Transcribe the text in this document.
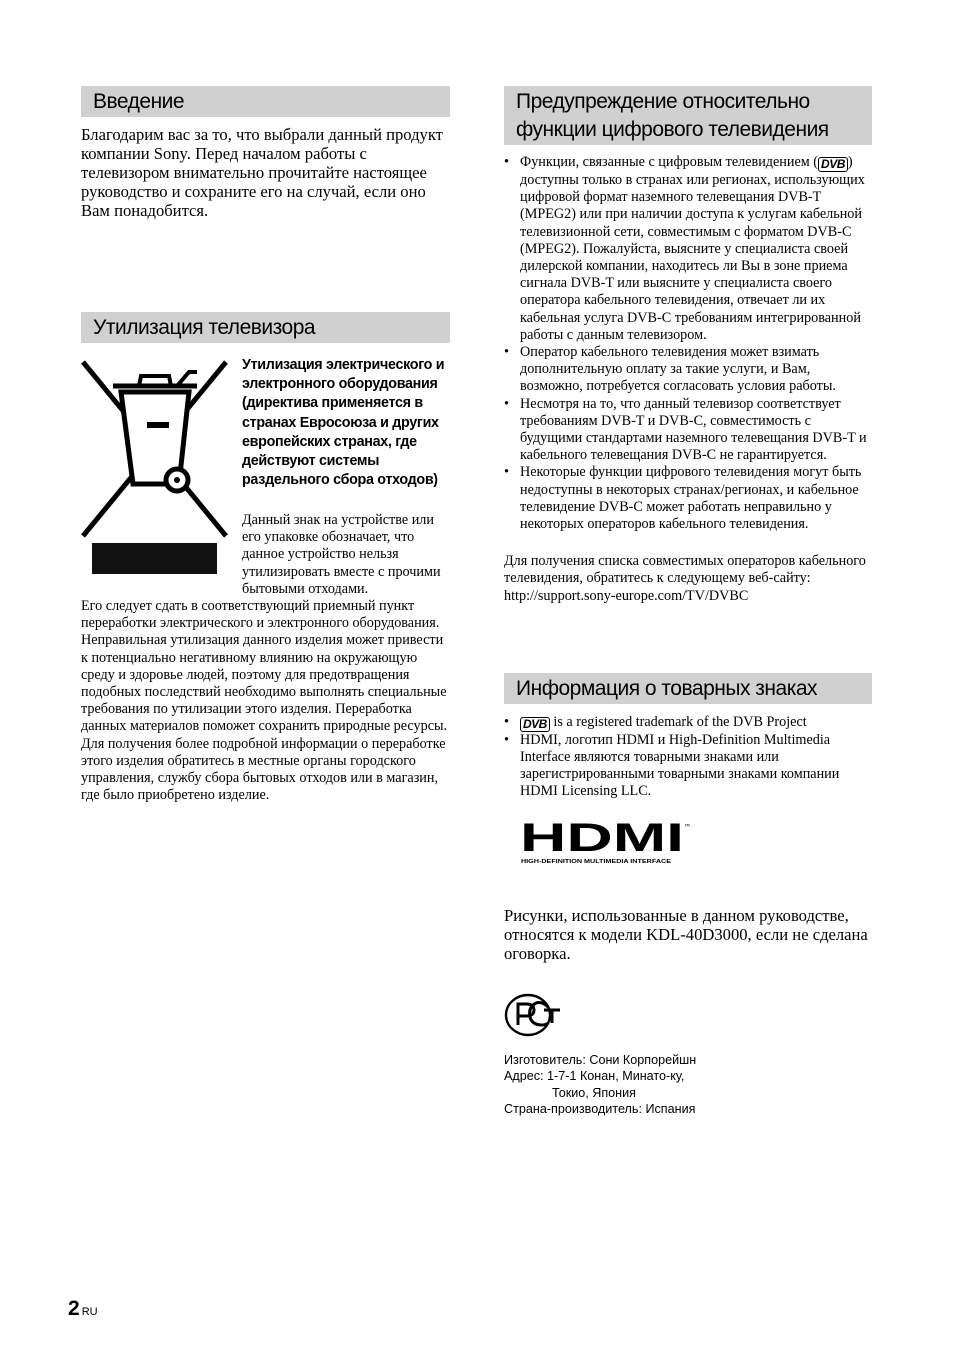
Введение

Благодарим вас за то, что выбрали данный продукт компании Sony. Перед началом работы с телевизором внимательно прочитайте настоящее руководство и сохраните его на случай, если оно Вам понадобится.

Утилизация телевизора
Утилизация электрического и электронного оборудования (директива применяется в странах Евросоюза и других европейских странах, где действуют системы раздельного сбора отходов)

Данный знак на устройстве или его упаковке обозначает, что данное устройство нельзя утилизировать вместе с прочими бытовыми отходами.

Его следует сдать в соответствующий приемный пункт переработки электрического и электронного оборудования. Неправильная утилизация данного изделия может привести к потенциально негативному влиянию на окружающую среду и здоровье людей, поэтому для предотвращения подобных последствий необходимо выполнять специальные требования по утилизации этого изделия. Переработка данных материалов поможет сохранить природные ресурсы. Для получения более подробной информации о переработке этого изделия обратитесь в местные органы городского управления, службу сбора бытовых отходов или в магазин, где было приобретено изделие.

Предупреждение относительно функции цифрового телевидения
• Функции, связанные с цифровым телевидением ( DVB ) доступны только в странах или регионах, использующих цифровой формат наземного телевещания DVB-T (MPEG2) или при наличии доступа к услугам кабельной телевизионной сети, совместимым с форматом DVB-C (MPEG2). Пожалуйста, выясните у специалиста своей дилерской компании, находитесь ли Вы в зоне приема сигнала DVB-T или выясните у специалиста своего оператора кабельного телевидения, отвечает ли их кабельная услуга DVB-C требованиям интегрированной работы с данным телевизором.
• Оператор кабельного телевидения может взимать дополнительную оплату за такие услуги, и Вам, возможно, потребуется согласовать условия работы.
• Несмотря на то, что данный телевизор соответствует требованиям DVB-T и DVB-C, совместимость с будущими стандартами наземного телевещания DVB-T и кабельного телевещания DVB-C не гарантируется.
• Некоторые функции цифрового телевидения могут быть недоступны в некоторых странах/регионах, и кабельное телевидение DVB-C может работать неправильно у некоторых операторов кабельного телевидения.

Для получения списка совместимых операторов кабельного телевидения, обратитесь к следующему веб-сайту:
http://support.sony-europe.com/TV/DVBC

Информация о товарных знаках
• DVB is a registered trademark of the DVB Project
• HDMI, логотип HDMI и High-Definition Multimedia Interface являются товарными знаками или зарегистрированными товарными знаками компании HDMI Licensing LLC.
HDMI ™
HIGH-DEFINITION MULTIMEDIA INTERFACE

Рисунки, использованные в данном руководстве, относятся к модели KDL-40D3000, если не сделана оговорка.

Изготовитель: Сони Корпорейшн
Адрес: 1-7-1 Конан, Минато-ку,
Токио, Япония
Страна-производитель: Испания
2 RU
